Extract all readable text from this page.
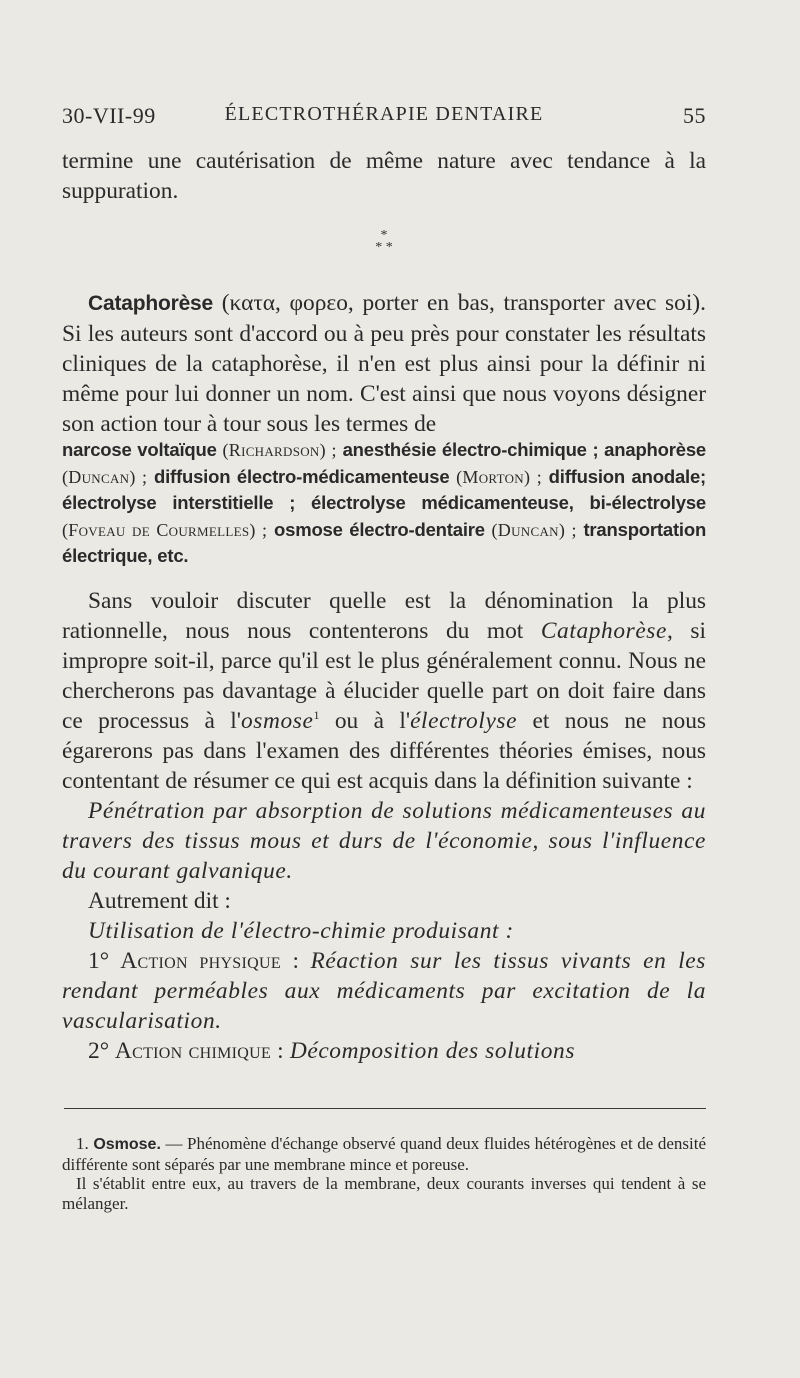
30-VII-99	ÉLECTROTHÉRAPIE DENTAIRE	55

termine une cautérisation de même nature avec tendance à la suppuration.

*
* *

Cataphorèse (κατα, φορεο, porter en bas, transporter avec soi). Si les auteurs sont d'accord ou à peu près pour constater les résultats cliniques de la cataphorèse, il n'en est plus ainsi pour la définir ni même pour lui donner un nom. C'est ainsi que nous voyons désigner son action tour à tour sous les termes de

narcose voltaïque (Richardson) ; anesthésie électro-chimique ; anaphorèse (Duncan) ; diffusion électro-médicamenteuse (Morton) ; diffusion anodale; électrolyse interstitielle ; électrolyse médicamenteuse, bi-électrolyse (Foveau de Courmelles) ; osmose électro-dentaire (Duncan) ; transportation électrique, etc.

Sans vouloir discuter quelle est la dénomination la plus rationnelle, nous nous contenterons du mot Cataphorèse, si impropre soit-il, parce qu'il est le plus généralement connu. Nous ne chercherons pas davantage à élucider quelle part on doit faire dans ce processus à l'osmose$^1$ ou à l'électrolyse et nous ne nous égarerons pas dans l'examen des différentes théories émises, nous contentant de résumer ce qui est acquis dans la définition suivante :

Pénétration par absorption de solutions médicamenteuses au travers des tissus mous et durs de l'économie, sous l'influence du courant galvanique.

Autrement dit :

Utilisation de l'électro-chimie produisant :

1° Action physique : Réaction sur les tissus vivants en les rendant perméables aux médicaments par excitation de la vascularisation.

2° Action chimique : Décomposition des solutions

1. Osmose. — Phénomène d'échange observé quand deux fluides hétérogènes et de densité différente sont séparés par une membrane mince et poreuse.

Il s'établit entre eux, au travers de la membrane, deux courants inverses qui tendent à se mélanger.
